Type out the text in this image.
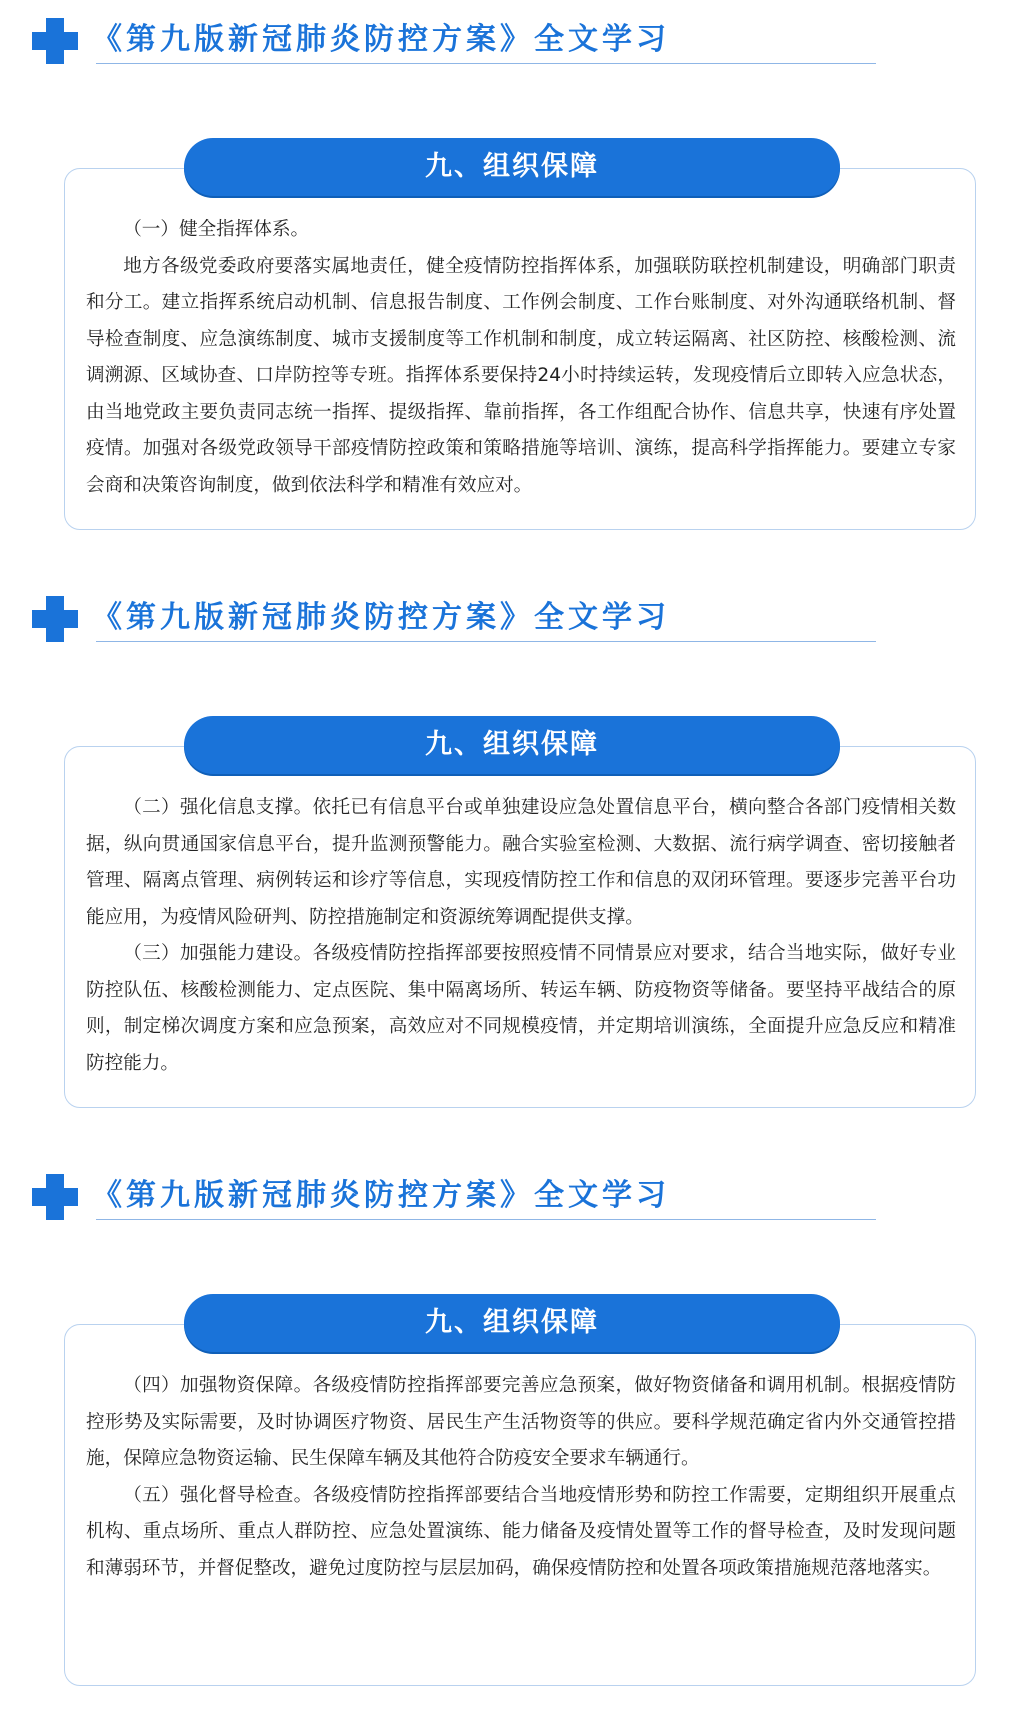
《第九版新冠肺炎防控方案》全文学习
九、组织保障

（一）健全指挥体系。

地方各级党委政府要落实属地责任，健全疫情防控指挥体系，加强联防联控机制建设，明确部门职责和分工。建立指挥系统启动机制、信息报告制度、工作例会制度、工作台账制度、对外沟通联络机制、督导检查制度、应急演练制度、城市支援制度等工作机制和制度，成立转运隔离、社区防控、核酸检测、流调溯源、区域协查、口岸防控等专班。指挥体系要保持24小时持续运转，发现疫情后立即转入应急状态，由当地党政主要负责同志统一指挥、提级指挥、靠前指挥，各工作组配合协作、信息共享，快速有序处置疫情。加强对各级党政领导干部疫情防控政策和策略措施等培训、演练，提高科学指挥能力。要建立专家会商和决策咨询制度，做到依法科学和精准有效应对。

《第九版新冠肺炎防控方案》全文学习
九、组织保障

（二）强化信息支撑。依托已有信息平台或单独建设应急处置信息平台，横向整合各部门疫情相关数据，纵向贯通国家信息平台，提升监测预警能力。融合实验室检测、大数据、流行病学调查、密切接触者管理、隔离点管理、病例转运和诊疗等信息，实现疫情防控工作和信息的双闭环管理。要逐步完善平台功能应用，为疫情风险研判、防控措施制定和资源统筹调配提供支撑。

（三）加强能力建设。各级疫情防控指挥部要按照疫情不同情景应对要求，结合当地实际，做好专业防控队伍、核酸检测能力、定点医院、集中隔离场所、转运车辆、防疫物资等储备。要坚持平战结合的原则，制定梯次调度方案和应急预案，高效应对不同规模疫情，并定期培训演练，全面提升应急反应和精准防控能力。

《第九版新冠肺炎防控方案》全文学习
九、组织保障

（四）加强物资保障。各级疫情防控指挥部要完善应急预案，做好物资储备和调用机制。根据疫情防控形势及实际需要，及时协调医疗物资、居民生产生活物资等的供应。要科学规范确定省内外交通管控措施，保障应急物资运输、民生保障车辆及其他符合防疫安全要求车辆通行。

（五）强化督导检查。各级疫情防控指挥部要结合当地疫情形势和防控工作需要，定期组织开展重点机构、重点场所、重点人群防控、应急处置演练、能力储备及疫情处置等工作的督导检查，及时发现问题和薄弱环节，并督促整改，避免过度防控与层层加码，确保疫情防控和处置各项政策措施规范落地落实。
